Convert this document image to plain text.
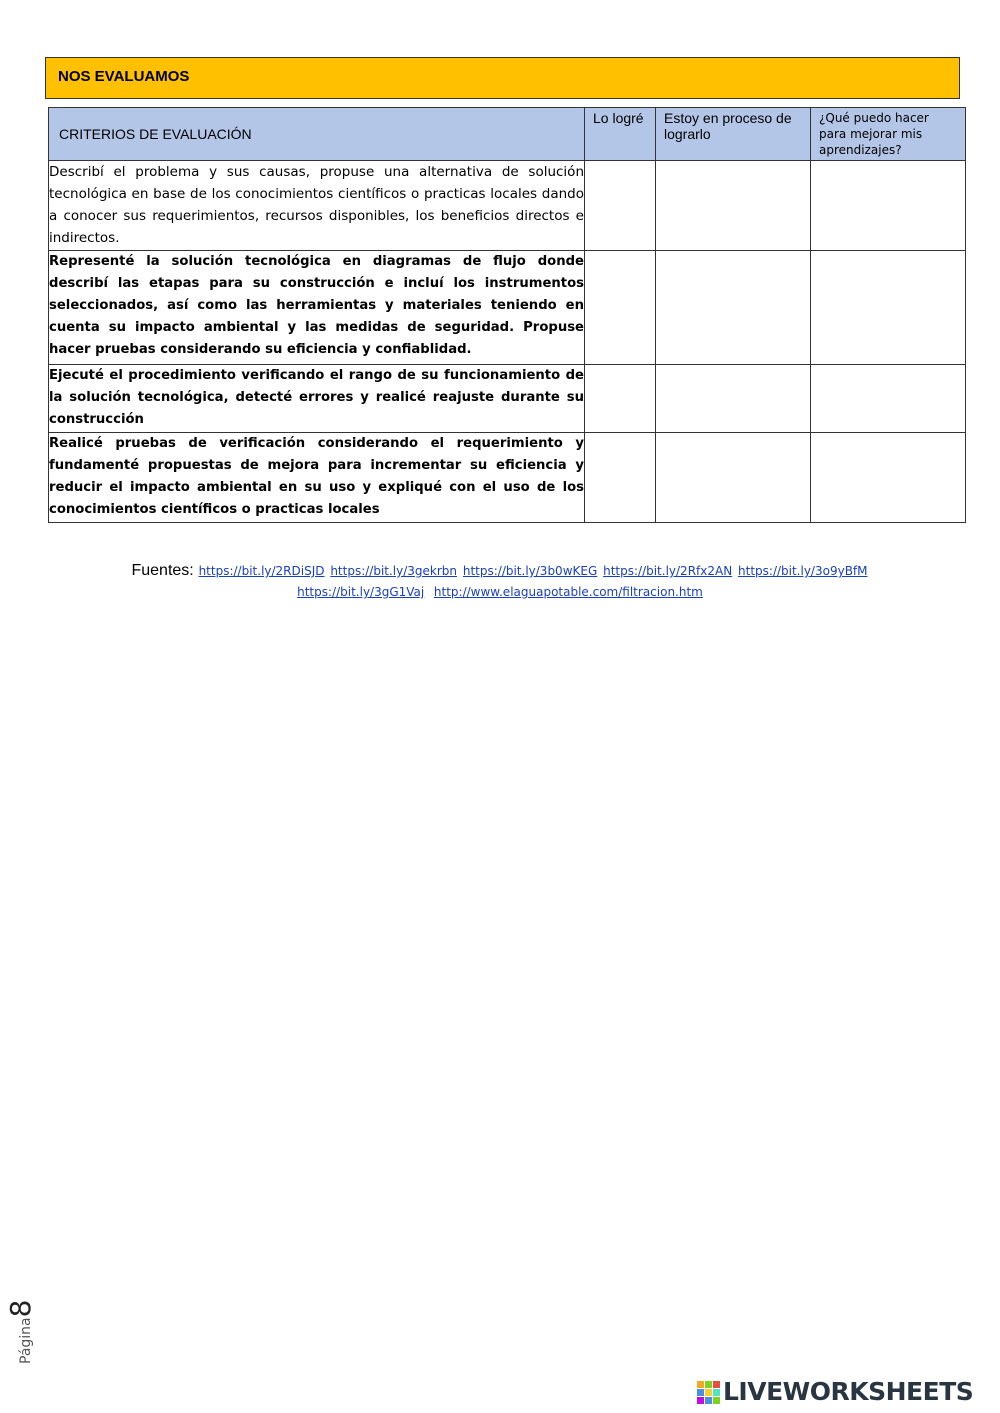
NOS EVALUAMOS
CRITERIOS DE EVALUACIÓN	Lo logré	Estoy en proceso de lograrlo	¿Qué puedo hacer para mejorar mis aprendizajes?
Describí el problema y sus causas, propuse una alternativa de solución tecnológica en base de los conocimientos científicos o practicas locales dando a conocer sus requerimientos, recursos disponibles, los beneficios directos e indirectos.			
Representé la solución tecnológica en diagramas de flujo donde describí las etapas para su construcción e incluí los instrumentos seleccionados, así como las herramientas y materiales teniendo en cuenta su impacto ambiental y las medidas de seguridad. Propuse hacer pruebas considerando su eficiencia y confiablidad.			
Ejecuté el procedimiento verificando el rango de su funcionamiento de la solución tecnológica, detecté errores y realicé reajuste durante su construcción			
Realicé pruebas de verificación considerando el requerimiento y fundamenté propuestas de mejora para incrementar su eficiencia y reducir el impacto ambiental en su uso y expliqué con el uso de los conocimientos científicos o practicas locales			
Fuentes: https://bit.ly/2RDiSJD https://bit.ly/3gekrbn https://bit.ly/3b0wKEG https://bit.ly/2Rfx2AN https://bit.ly/3o9yBfM
https://bit.ly/3gG1Vaj http://www.elaguapotable.com/filtracion.htm
Página8
LIVEWORKSHEETS
